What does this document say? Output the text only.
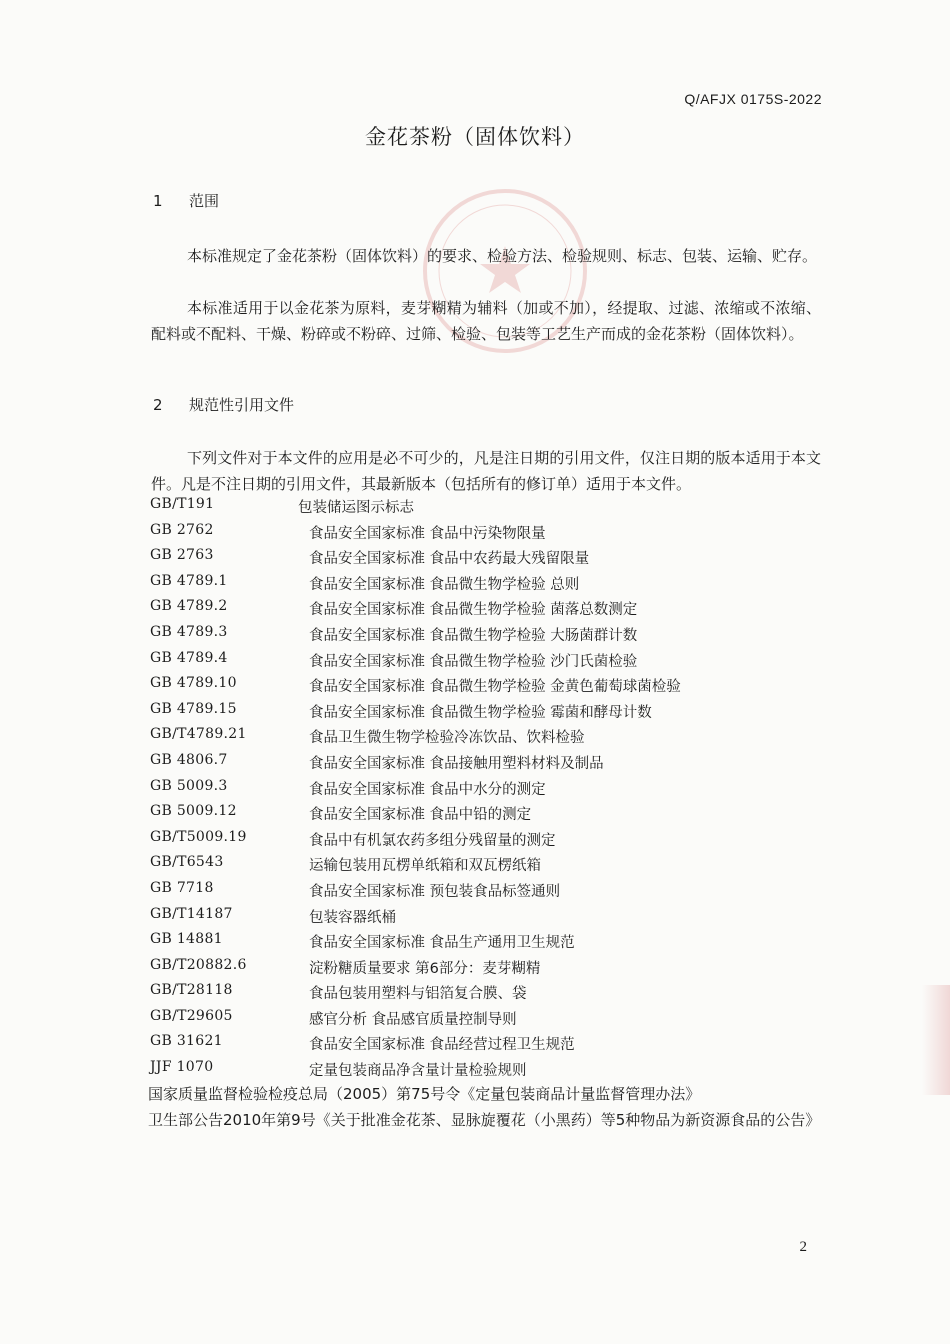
Q/AFJX 0175S-2022
金花茶粉（固体饮料）
1 范围

本标准规定了金花茶粉（固体饮料）的要求、检验方法、检验规则、标志、包装、运输、贮存。

本标准适用于以金花茶为原料，麦芽糊精为辅料（加或不加），经提取、过滤、浓缩或不浓缩、配料或不配料、干燥、粉碎或不粉碎、过筛、检验、包装等工艺生产而成的金花茶粉（固体饮料）。

2 规范性引用文件

下列文件对于本文件的应用是必不可少的，凡是注日期的引用文件，仅注日期的版本适用于本文件。凡是不注日期的引用文件，其最新版本（包括所有的修订单）适用于本文件。

GB/T191	包装储运图示标志
GB 2762	食品安全国家标准 食品中污染物限量
GB 2763	食品安全国家标准 食品中农药最大残留限量
GB 4789.1	食品安全国家标准 食品微生物学检验 总则
GB 4789.2	食品安全国家标准 食品微生物学检验 菌落总数测定
GB 4789.3	食品安全国家标准 食品微生物学检验 大肠菌群计数
GB 4789.4	食品安全国家标准 食品微生物学检验 沙门氏菌检验
GB 4789.10	食品安全国家标准 食品微生物学检验 金黄色葡萄球菌检验
GB 4789.15	食品安全国家标准 食品微生物学检验 霉菌和酵母计数
GB/T4789.21	食品卫生微生物学检验冷冻饮品、饮料检验
GB 4806.7	食品安全国家标准 食品接触用塑料材料及制品
GB 5009.3	食品安全国家标准 食品中水分的测定
GB 5009.12	食品安全国家标准 食品中铅的测定
GB/T5009.19	食品中有机氯农药多组分残留量的测定
GB/T6543	运输包装用瓦楞单纸箱和双瓦楞纸箱
GB 7718	食品安全国家标准 预包装食品标签通则
GB/T14187	包装容器纸桶
GB 14881	食品安全国家标准 食品生产通用卫生规范
GB/T20882.6	淀粉糖质量要求 第6部分：麦芽糊精
GB/T28118	食品包装用塑料与铝箔复合膜、袋
GB/T29605	感官分析 食品感官质量控制导则
GB 31621	食品安全国家标准 食品经营过程卫生规范
JJF 1070	定量包装商品净含量计量检验规则
国家质量监督检验检疫总局（2005）第75号令《定量包装商品计量监督管理办法》
卫生部公告2010年第9号《关于批准金花茶、显脉旋覆花（小黑药）等5种物品为新资源食品的公告》
2
